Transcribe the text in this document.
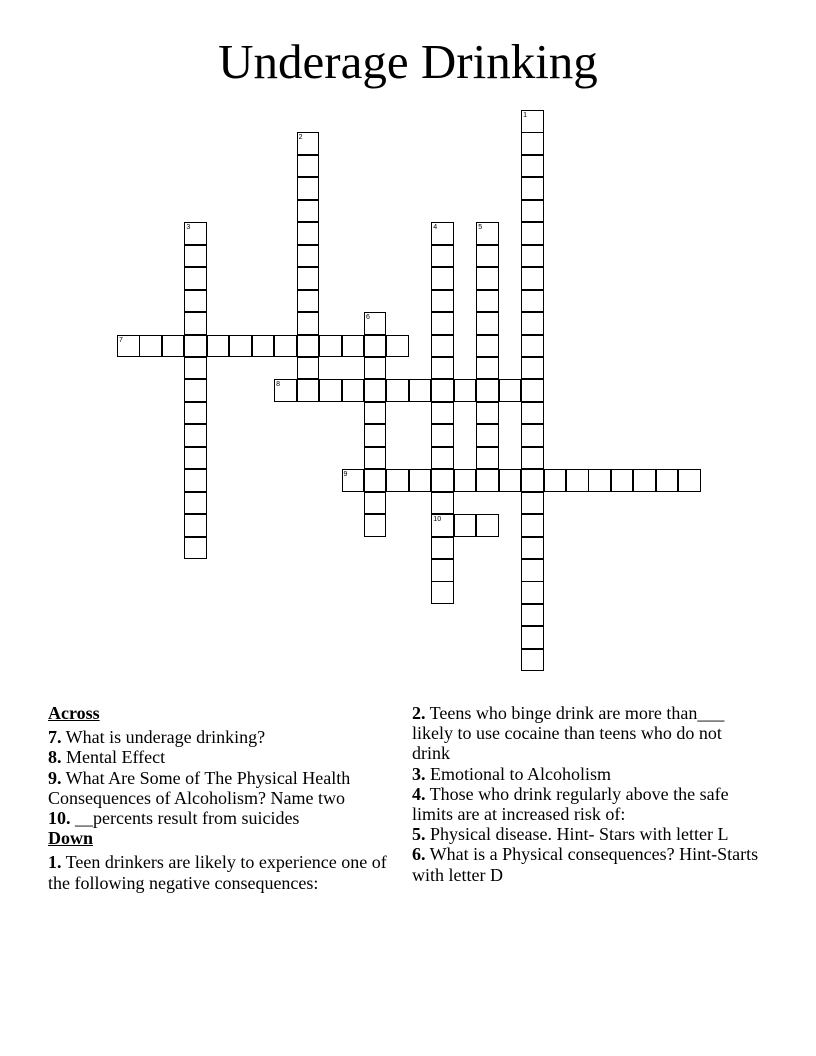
Underage Drinking
1
2
3	4
10
5
6
7
8
9
Across

7. What is underage drinking?

8. Mental Effect

9. What Are Some of The Physical Health Consequences of Alcoholism? Name two

10. __percents result from suicides

Down

1. Teen drinkers are likely to experience one of the following negative consequences:

2. Teens who binge drink are more than___ likely to use cocaine than teens who do not drink

3. Emotional to Alcoholism

4. Those who drink regularly above the safe limits are at increased risk of:

5. Physical disease. Hint- Stars with letter L

6. What is a Physical consequences? Hint-Starts with letter D
